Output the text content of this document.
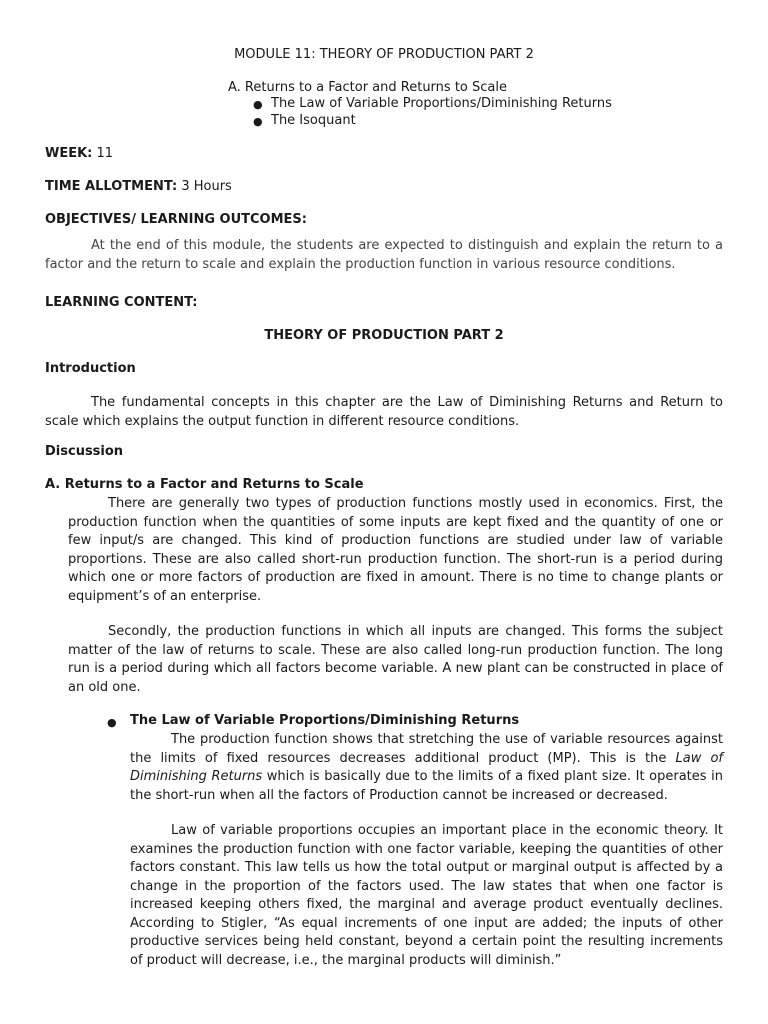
MODULE 11: THEORY OF PRODUCTION PART 2
A. Returns to a Factor and Returns to Scale
● The Law of Variable Proportions/Diminishing Returns
● The Isoquant
WEEK: 11
TIME ALLOTMENT: 3 Hours
OBJECTIVES/ LEARNING OUTCOMES:
At the end of this module, the students are expected to distinguish and explain the return to a factor and the return to scale and explain the production function in various resource conditions.
LEARNING CONTENT:
THEORY OF PRODUCTION PART 2
Introduction
The fundamental concepts in this chapter are the Law of Diminishing Returns and Return to scale which explains the output function in different resource conditions.
Discussion
A. Returns to a Factor and Returns to Scale
There are generally two types of production functions mostly used in economics. First, the production function when the quantities of some inputs are kept fixed and the quantity of one or few input/s are changed. This kind of production functions are studied under law of variable proportions. These are also called short-run production function. The short-run is a period during which one or more factors of production are fixed in amount. There is no time to change plants or equipment’s of an enterprise.
Secondly, the production functions in which all inputs are changed. This forms the subject matter of the law of returns to scale. These are also called long-run production function. The long run is a period during which all factors become variable. A new plant can be constructed in place of an old one.
● The Law of Variable Proportions/Diminishing Returns
The production function shows that stretching the use of variable resources against the limits of fixed resources decreases additional product (MP). This is the Law of Diminishing Returns which is basically due to the limits of a fixed plant size. It operates in the short-run when all the factors of Production cannot be increased or decreased.
Law of variable proportions occupies an important place in the economic theory. It examines the production function with one factor variable, keeping the quantities of other factors constant. This law tells us how the total output or marginal output is affected by a change in the proportion of the factors used. The law states that when one factor is increased keeping others fixed, the marginal and average product eventually declines. According to Stigler, “As equal increments of one input are added; the inputs of other productive services being held constant, beyond a certain point the resulting increments of product will decrease, i.e., the marginal products will diminish.”
